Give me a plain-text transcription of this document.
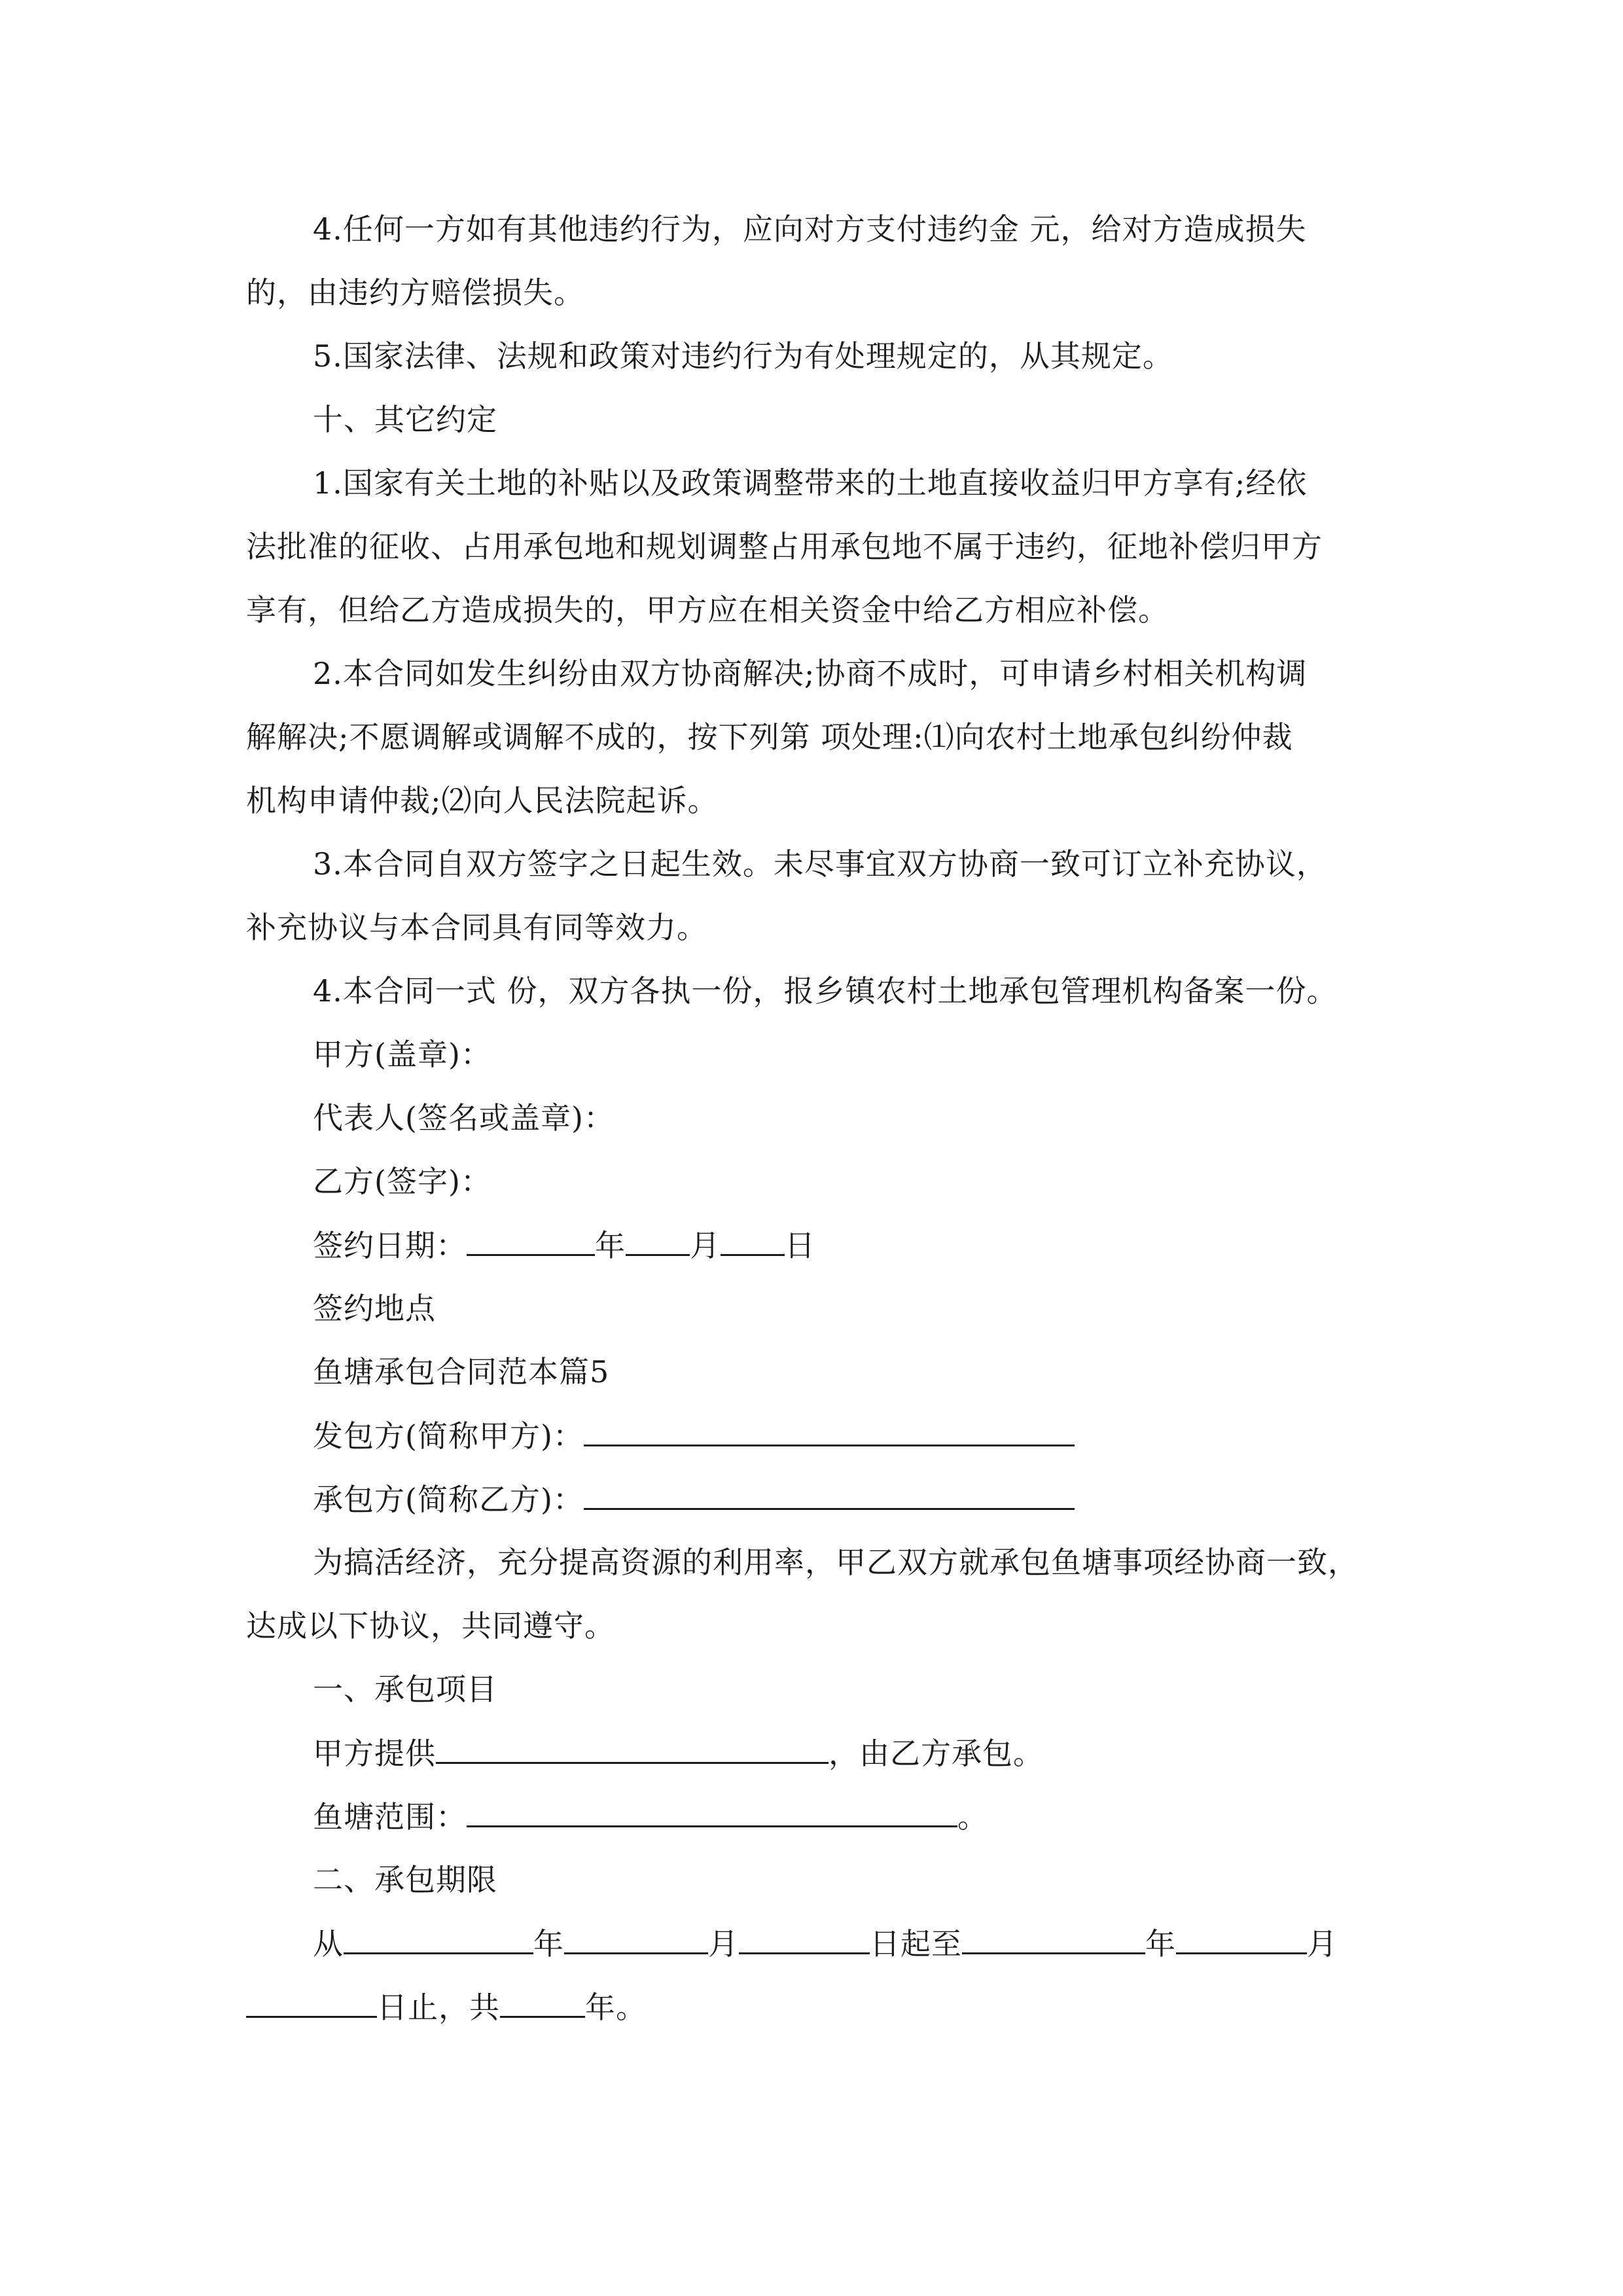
4.任何一方如有其他违约行为，应向对方支付违约金 元，给对方造成损失
的，由违约方赔偿损失。
5.国家法律、法规和政策对违约行为有处理规定的，从其规定。
十、其它约定
1.国家有关土地的补贴以及政策调整带来的土地直接收益归甲方享有;经依
法批准的征收、占用承包地和规划调整占用承包地不属于违约，征地补偿归甲方
享有，但给乙方造成损失的，甲方应在相关资金中给乙方相应补偿。
2.本合同如发生纠纷由双方协商解决;协商不成时，可申请乡村相关机构调
解解决;不愿调解或调解不成的，按下列第 项处理:⑴向农村土地承包纠纷仲裁
机构申请仲裁;⑵向人民法院起诉。
3.本合同自双方签字之日起生效。未尽事宜双方协商一致可订立补充协议，
补充协议与本合同具有同等效力。
4.本合同一式 份，双方各执一份，报乡镇农村土地承包管理机构备案一份。
甲方(盖章)：
代表人(签名或盖章)：
乙方(签字)：
签约日期：	年 月 日
签约地点
鱼塘承包合同范本篇5
发包方(简称甲方)：
承包方(简称乙方)：
为搞活经济，充分提高资源的利用率，甲乙双方就承包鱼塘事项经协商一致，
达成以下协议，共同遵守。
一、承包项目
甲方提供	，由乙方承包。
鱼塘范围：	。
二、承包期限
从	年	月	日起至	年	月
日止，共	年。
